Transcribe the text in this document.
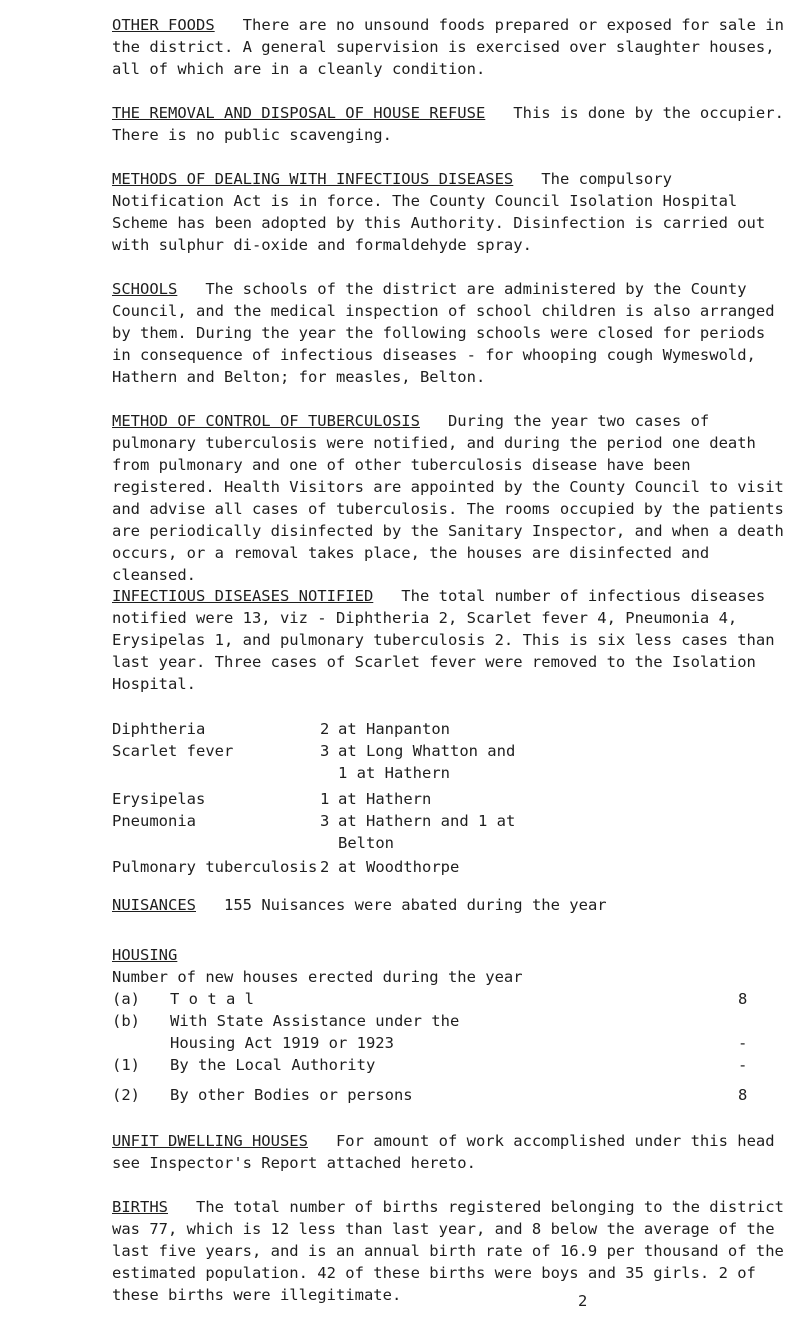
OTHER FOODS There are no unsound foods prepared or exposed for sale in the district. A general supervision is exercised over slaughter houses, all of which are in a cleanly condition.
THE REMOVAL AND DISPOSAL OF HOUSE REFUSE This is done by the occupier. There is no public scavenging.
METHODS OF DEALING WITH INFECTIOUS DISEASES The compulsory Notification Act is in force. The County Council Isolation Hospital Scheme has been adopted by this Authority. Disinfection is carried out with sulphur di-oxide and formaldehyde spray.
SCHOOLS The schools of the district are administered by the County Council, and the medical inspection of school children is also arranged by them. During the year the following schools were closed for periods in consequence of infectious diseases - for whooping cough Wymeswold, Hathern and Belton; for measles, Belton.
METHOD OF CONTROL OF TUBERCULOSIS During the year two cases of pulmonary tuberculosis were notified, and during the period one death from pulmonary and one of other tuberculosis disease have been registered. Health Visitors are appointed by the County Council to visit and advise all cases of tuberculosis. The rooms occupied by the patients are periodically disinfected by the Sanitary Inspector, and when a death occurs, or a removal takes place, the houses are disinfected and cleansed.
INFECTIOUS DISEASES NOTIFIED The total number of infectious diseases notified were 13, viz - Diphtheria 2, Scarlet fever 4, Pneumonia 4, Erysipelas 1, and pulmonary tuberculosis 2. This is six less cases than last year. Three cases of Scarlet fever were removed to the Isolation Hospital.
Diphtheria	2 at Hanpanton
Scarlet fever	3 at Long Whatton and
1 at Hathern
Erysipelas	1 at Hathern
Pneumonia	3 at Hathern and 1 at
Belton
Pulmonary tuberculosis 2 at Woodthorpe
NUISANCES 155 Nuisances were abated during the year
HOUSING
Number of new houses erected during the year
(a) T o t a l	8
(b) With State Assistance under the
Housing Act 1919 or 1923	-
(1) By the Local Authority	-
(2) By other Bodies or persons	8
UNFIT DWELLING HOUSES For amount of work accomplished under this head see Inspector's Report attached hereto.
BIRTHS The total number of births registered belonging to the district was 77, which is 12 less than last year, and 8 below the average of the last five years, and is an annual birth rate of 16.9 per thousand of the estimated population. 42 of these births were boys and 35 girls. 2 of these births were illegitimate.	2
